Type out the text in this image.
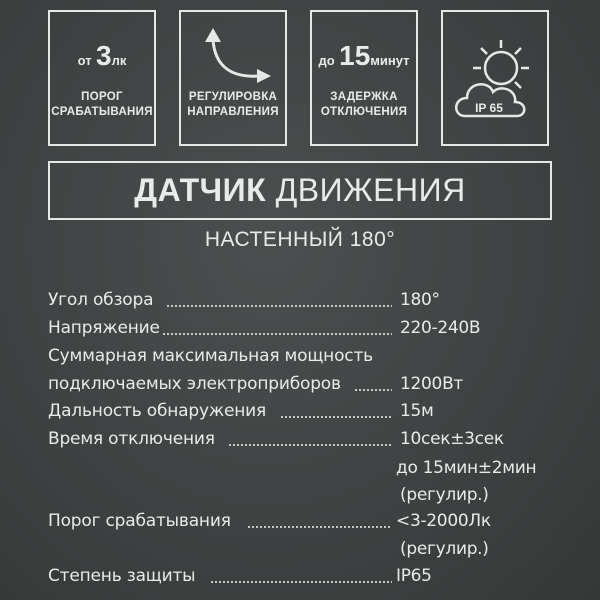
от 3лк
ПОРОГ
СРАБАТЫВАНИЯ
РЕГУЛИРОВКА
НАПРАВЛЕНИЯ
до 15минут
ЗАДЕРЖКА
ОТКЛЮЧЕНИЯ	IP 65
ДАТЧИК ДВИЖЕНИЯ
НАСТЕННЫЙ 180°
Угол обзора	180°
Напряжение	220-240В
Суммарная максимальная мощность
подключаемых электроприборов	1200Вт
Дальность обнаружения	15м
Время отключения	10сек±3сек
до 15мин±2мин
(регулир.)
Порог срабатывания	<3-2000Лк
(регулир.)
Степень защиты	IP65
